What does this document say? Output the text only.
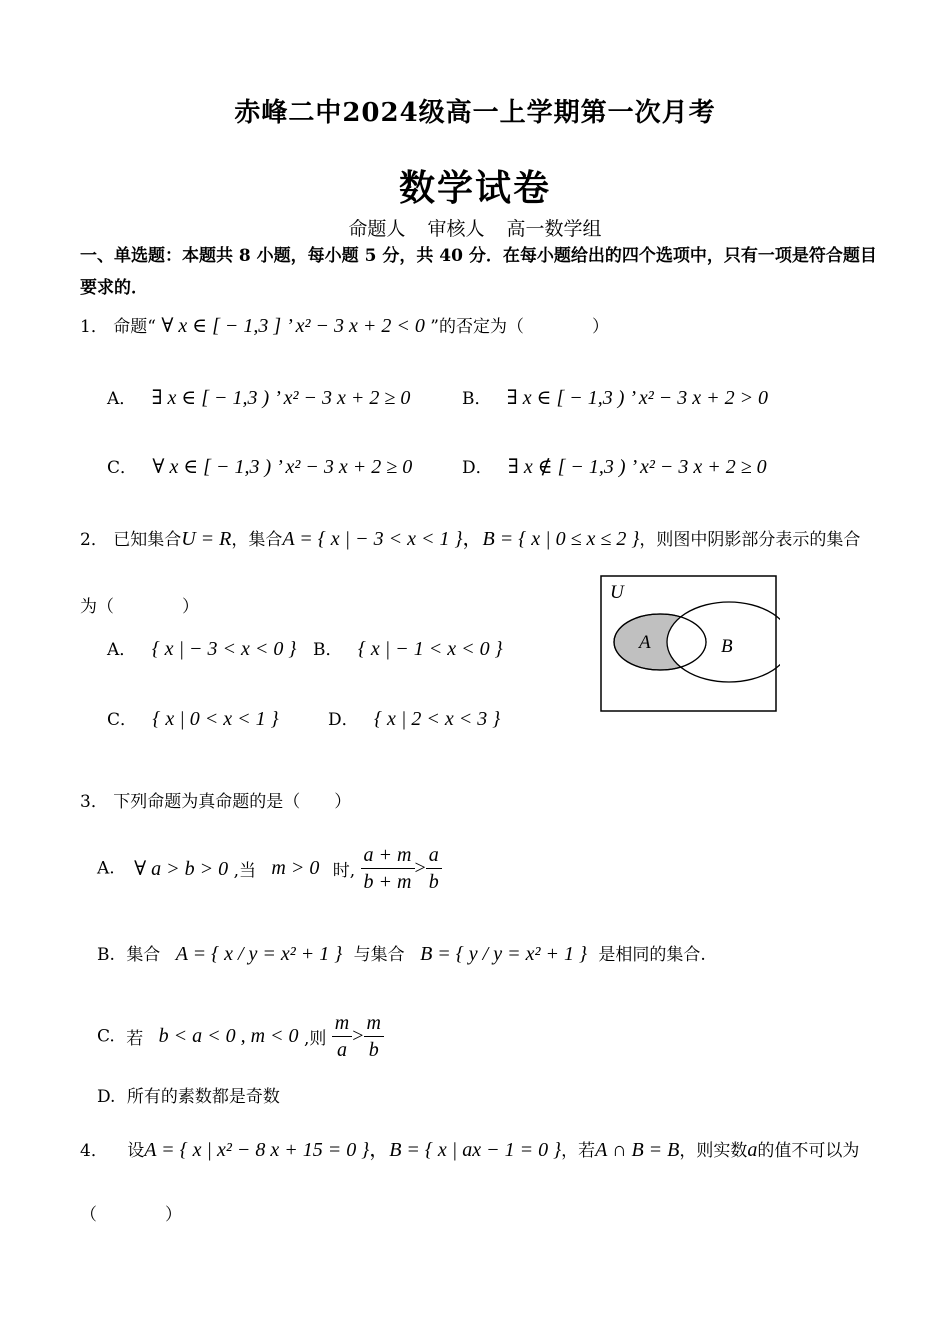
赤峰二中2024级高一上学期第一次月考
数学试卷
命题人 审核人 高一数学组
一、单选题：本题共 8 小题，每小题 5 分，共 40 分．在每小题给出的四个选项中，只有一项是符合题目要求的．
1． 命题“ ∀ x ∈ [ − 1,3 ] ’ x² − 3 x + 2 < 0 ”的否定为（　　　　）
A． ∃ x ∈ [ − 1,3 ) ’ x² − 3 x + 2 ≥ 0	B． ∃ x ∈ [ − 1,3 ) ’ x² − 3 x + 2 > 0
C． ∀ x ∈ [ − 1,3 ) ’ x² − 3 x + 2 ≥ 0	D． ∃ x ∉ [ − 1,3 ) ’ x² − 3 x + 2 ≥ 0
2． 已知集合U = R，集合A = { x | − 3 < x < 1 }，B = { x | 0 ≤ x ≤ 2 }，则图中阴影部分表示的集合
为（　　　　）
U
A	B
A． { x | − 3 < x < 0 } B． { x | − 1 < x < 0 }
C． { x | 0 < x < 1 }	D． { x | 2 < x < 3 }
3． 下列命题为真命题的是（　　）
A. ∀ a > b > 0 ,当 m > 0 时, $\frac{a + m}{b + m} > \frac{a}{b}$
B. 集合 A = { x / y = x² + 1 } 与集合 B = { y / y = x² + 1 } 是相同的集合.
C. 若 b < a < 0 , m < 0 ,则 $\frac{m}{a} > \frac{m}{b}$
D. 所有的素数都是奇数
4． 设A = { x | x² − 8 x + 15 = 0 }，B = { x | ax − 1 = 0 }，若A ∩ B = B，则实数a的值不可以为
（　　　　）
